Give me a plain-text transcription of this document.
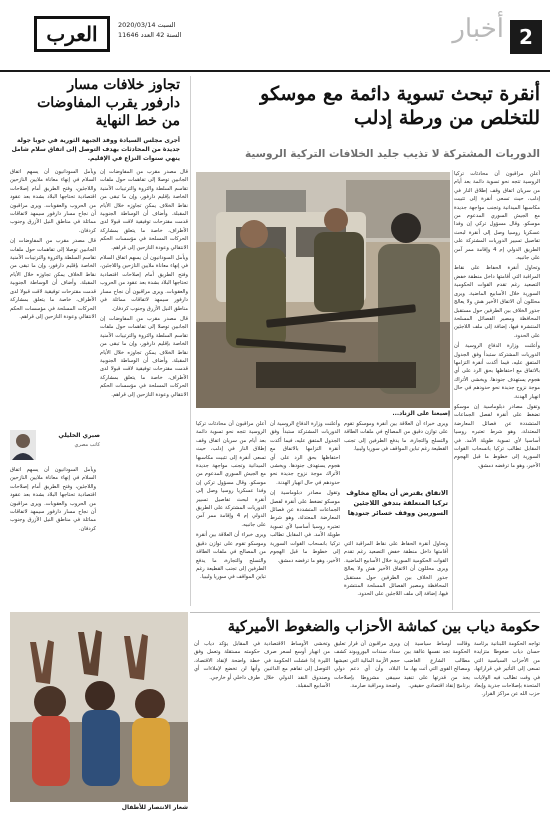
العرب	2020/03/14 السبت
السنة 42 العدد 11646	أخبار 2
أنقرة تبحث تسوية دائمة مع موسكو
للتخلص من ورطة إدلب
الدوريات المشتركة لا تذيب جليد الخلافات التركية الروسية

أعلن مراقبون أن محادثات تركيا الروسية تتجه نحو تسوية دائمة بعد أيام من سريان اتفاق وقف إطلاق النار في إدلب، حيث تسعى أنقرة إلى تثبيت مكاسبها الميدانية وتجنب مواجهة جديدة مع الجيش السوري المدعوم من موسكو. وقال مسؤول تركي إن وفدا عسكريا روسيا وصل إلى أنقرة لبحث تفاصيل تسيير الدوريات المشتركة على الطريق الدولي إم 4 وإقامة ممر آمن على جانبيه.

وتحاول أنقرة الحفاظ على نقاط المراقبة التي أقامتها داخل منطقة خفض التصعيد رغم تقدم القوات الحكومية السورية خلال الأسابيع الماضية. ويرى محللون أن الاتفاق الأخير هش ولا يعالج جذور الخلاف بين الطرفين حول مستقبل المحافظة ومصير الفصائل المسلحة المنتشرة فيها، إضافة إلى ملف اللاجئين على الحدود.

وأعلنت وزارة الدفاع الروسية أن الدوريات المشتركة ستبدأ وفق الجدول المتفق عليه، فيما أكدت أنقرة التزامها بالاتفاق مع احتفاظها بحق الرد على أي هجوم يستهدف جنودها. ويخشى الأتراك موجة نزوح جديدة نحو حدودهم في حال انهيار الهدنة.

وتقول مصادر دبلوماسية إن موسكو تضغط على أنقرة لفصل الجماعات المتشددة عن فصائل المعارضة المعتدلة، وهو شرط تعتبره روسيا أساسيا لأي تسوية طويلة الأمد. في المقابل تطالب تركيا بانسحاب القوات السورية إلى خطوط ما قبل الهجوم الأخير، وهو ما ترفضه دمشق.

إصبعنا على الزناد...
الاتفاق يقترض أن يعالج مخاوف تركيا المتعلقة بتدفق اللاجئين السوريين ووقف خسائر جنودها

ويرى خبراء أن العلاقة بين أنقرة وموسكو تقوم على توازن دقيق من المصالح في ملفات الطاقة والتسلح والتجارة، ما يدفع الطرفين إلى تجنب القطيعة رغم تباين المواقف في سوريا وليبيا.

وتحاول أنقرة الحفاظ على نقاط المراقبة التي أقامتها داخل منطقة خفض التصعيد رغم تقدم القوات الحكومية السورية خلال الأسابيع الماضية. ويرى محللون أن الاتفاق الأخير هش ولا يعالج جذور الخلاف بين الطرفين حول مستقبل المحافظة ومصير الفصائل المسلحة المنتشرة فيها، إضافة إلى ملف اللاجئين على الحدود.

وأعلنت وزارة الدفاع الروسية أن الدوريات المشتركة ستبدأ وفق الجدول المتفق عليه، فيما أكدت أنقرة التزامها بالاتفاق مع احتفاظها بحق الرد على أي هجوم يستهدف جنودها. ويخشى الأتراك موجة نزوح جديدة نحو حدودهم في حال انهيار الهدنة.

وتقول مصادر دبلوماسية إن موسكو تضغط على أنقرة لفصل الجماعات المتشددة عن فصائل المعارضة المعتدلة، وهو شرط تعتبره روسيا أساسيا لأي تسوية طويلة الأمد. في المقابل تطالب تركيا بانسحاب القوات السورية إلى خطوط ما قبل الهجوم الأخير، وهو ما ترفضه دمشق.

أعلن مراقبون أن محادثات تركيا الروسية تتجه نحو تسوية دائمة بعد أيام من سريان اتفاق وقف إطلاق النار في إدلب، حيث تسعى أنقرة إلى تثبيت مكاسبها الميدانية وتجنب مواجهة جديدة مع الجيش السوري المدعوم من موسكو. وقال مسؤول تركي إن وفدا عسكريا روسيا وصل إلى أنقرة لبحث تفاصيل تسيير الدوريات المشتركة على الطريق الدولي إم 4 وإقامة ممر آمن على جانبيه.

ويرى خبراء أن العلاقة بين أنقرة وموسكو تقوم على توازن دقيق من المصالح في ملفات الطاقة والتسلح والتجارة، ما يدفع الطرفين إلى تجنب القطيعة رغم تباين المواقف في سوريا وليبيا.

تجاوز خلافات مسار
دارفور يقرب المفاوضات
من خط النهاية
أجرى مجلس السيادة ووفد الجبهة الثورية في جوبا جولة جديدة من المحادثات بهدف التوصل إلى اتفاق سلام شامل ينهي سنوات النزاع في الإقليم.

قال مصدر مقرب من المفاوضات إن الجانبين توصلا إلى تفاهمات حول ملفات تقاسم السلطة والثروة والترتيبات الأمنية الخاصة بإقليم دارفور، وإن ما تبقى من نقاط الخلاف يمكن تجاوزه خلال الأيام المقبلة. وأضاف أن الوساطة الجنوبية قدمت مقترحات توفيقية لاقت قبولا لدى الأطراف، خاصة ما يتعلق بمشاركة الحركات المسلحة في مؤسسات الحكم الانتقالي وعودة النازحين إلى قراهم.

ويأمل السودانيون أن يسهم اتفاق السلام في إنهاء معاناة ملايين النازحين واللاجئين، وفتح الطريق أمام إصلاحات اقتصادية تحتاجها البلاد بشدة بعد عقود من الحروب والعقوبات. ويرى مراقبون أن نجاح مسار دارفور سيمهد لاتفاقات مماثلة في مناطق النيل الأزرق وجنوب كردفان.

قال مصدر مقرب من المفاوضات إن الجانبين توصلا إلى تفاهمات حول ملفات تقاسم السلطة والثروة والترتيبات الأمنية الخاصة بإقليم دارفور، وإن ما تبقى من نقاط الخلاف يمكن تجاوزه خلال الأيام المقبلة. وأضاف أن الوساطة الجنوبية قدمت مقترحات توفيقية لاقت قبولا لدى الأطراف، خاصة ما يتعلق بمشاركة الحركات المسلحة في مؤسسات الحكم الانتقالي وعودة النازحين إلى قراهم.

ويأمل السودانيون أن يسهم اتفاق السلام في إنهاء معاناة ملايين النازحين واللاجئين، وفتح الطريق أمام إصلاحات اقتصادية تحتاجها البلاد بشدة بعد عقود من الحروب والعقوبات. ويرى مراقبون أن نجاح مسار دارفور سيمهد لاتفاقات مماثلة في مناطق النيل الأزرق وجنوب كردفان.

قال مصدر مقرب من المفاوضات إن الجانبين توصلا إلى تفاهمات حول ملفات تقاسم السلطة والثروة والترتيبات الأمنية الخاصة بإقليم دارفور، وإن ما تبقى من نقاط الخلاف يمكن تجاوزه خلال الأيام المقبلة. وأضاف أن الوساطة الجنوبية قدمت مقترحات توفيقية لاقت قبولا لدى الأطراف، خاصة ما يتعلق بمشاركة الحركات المسلحة في مؤسسات الحكم الانتقالي وعودة النازحين إلى قراهم.

صبري الخليلي
كاتب مصري

ويأمل السودانيون أن يسهم اتفاق السلام في إنهاء معاناة ملايين النازحين واللاجئين، وفتح الطريق أمام إصلاحات اقتصادية تحتاجها البلاد بشدة بعد عقود من الحروب والعقوبات. ويرى مراقبون أن نجاح مسار دارفور سيمهد لاتفاقات مماثلة في مناطق النيل الأزرق وجنوب كردفان.

حكومة دياب بين كماشة الأحزاب والضغوط الأميركية

تواجه الحكومة اللبنانية برئاسة حسان دياب ضغوطا متزايدة من الأحزاب السياسية التي تسعى إلى التأثير في قراراتها، في وقت تطالب فيه الولايات المتحدة بإصلاحات جذرية وإبعاد حزب الله عن مراكز القرار.

وقالت أوساط سياسية إن الحكومة تجد نفسها عالقة بين مطالب الشارع الغاضب ومصالح القوى التي أتت بها، ما يحد من قدرتها على تنفيذ برنامج إنقاذ اقتصادي حقيقي.

ويرى مراقبون أن قرار تعليق سداد سندات اليوروبوند كشف حجم الأزمة المالية التي تعيشها البلاد، وأن أي دعم دولي سيبقى مشروطا بإصلاحات واضحة ومراقبة صارمة.

وتخشى الأوساط الاقتصادية من انهيار أوسع لسعر صرف الليرة إذا فشلت الحكومة في التوصل إلى تفاهم مع الدائنين وصندوق النقد الدولي خلال الأسابيع المقبلة.

في المقابل يؤكد دياب أن حكومته مستقلة وتعمل وفق خطة واضحة لإنقاذ الاقتصاد، وأنها لن تخضع لإملاءات أي طرف داخلي أو خارجي.

شعار الانتصار للأطفال
